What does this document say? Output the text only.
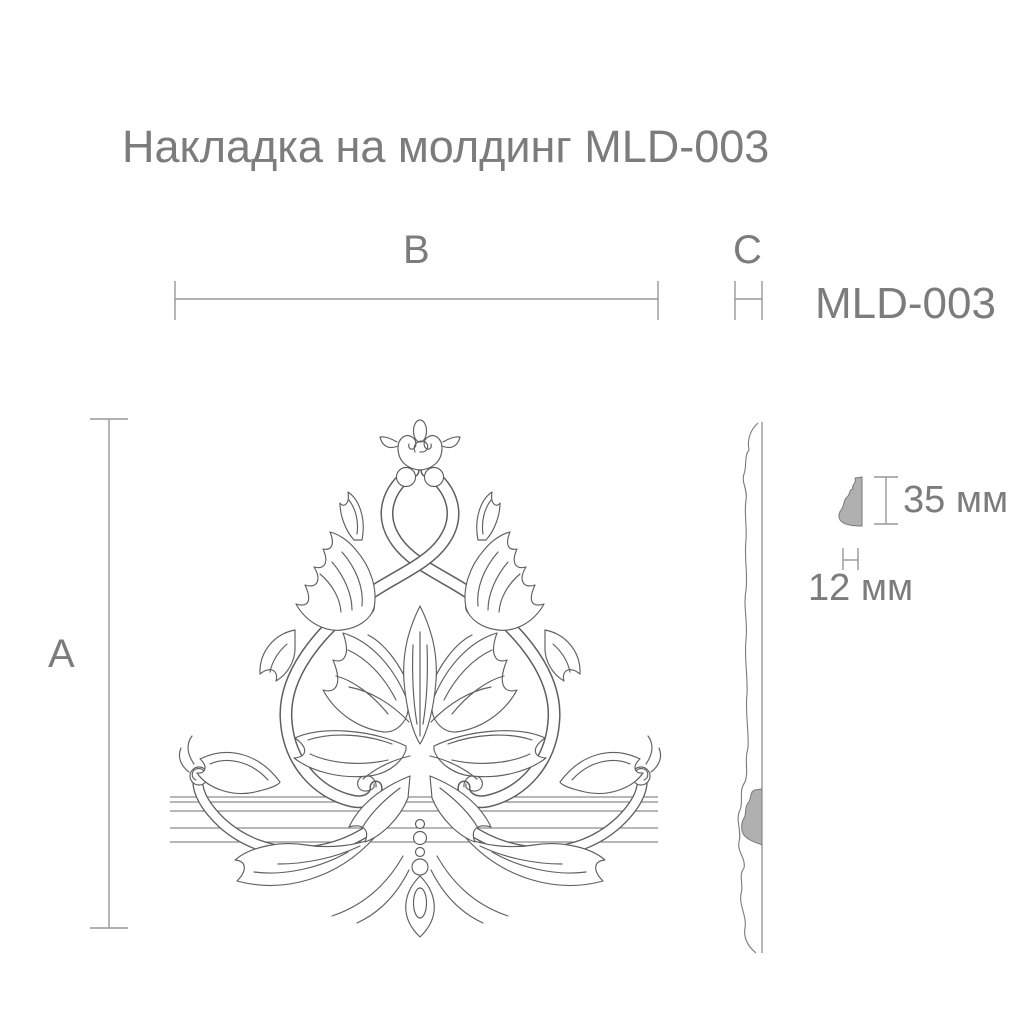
Накладка на молдинг MLD-003
B	C
MLD-003
A
35 мм
12 мм
